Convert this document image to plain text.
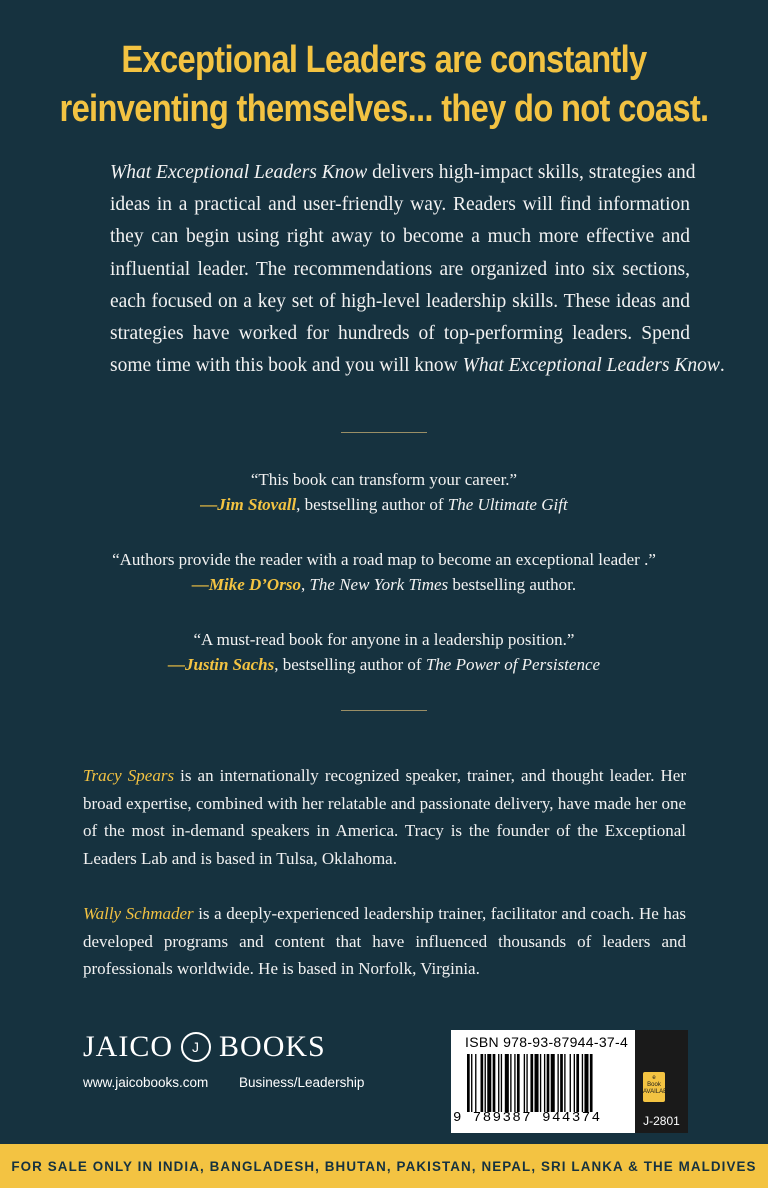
Exceptional Leaders are constantly
reinventing themselves... they do not coast.
What Exceptional Leaders Know delivers high-impact skills, strategies and
ideas in a practical and user-friendly way. Readers will find information
they can begin using right away to become a much more effective and
influential leader. The recommendations are organized into six sections,
each focused on a key set of high-level leadership skills. These ideas and
strategies have worked for hundreds of top-performing leaders. Spend
some time with this book and you will know What Exceptional Leaders Know.
“This book can transform your career.”
—Jim Stovall, bestselling author of The Ultimate Gift
“Authors provide the reader with a road map to become an exceptional leader .”
—Mike D’Orso, The New York Times bestselling author.
“A must-read book for anyone in a leadership position.”
—Justin Sachs, bestselling author of The Power of Persistence
Tracy Spears is an internationally recognized speaker, trainer, and thought leader. Her
broad expertise, combined with her relatable and passionate delivery, have made her one
of the most in-demand speakers in America. Tracy is the founder of the Exceptional
Leaders Lab and is based in Tulsa, Oklahoma.
Wally Schmader is a deeply-experienced leadership trainer, facilitator and coach. He has
developed programs and content that have influenced thousands of leaders and
professionals worldwide. He is based in Norfolk, Virginia.
JAICO J BOOKS
www.jaicobooks.com Business/Leadership
ISBN 978-93-87944-37-4
9 789387 944374
e
Book
AVAILABLE
J-2801
FOR SALE ONLY IN INDIA, BANGLADESH, BHUTAN, PAKISTAN, NEPAL, SRI LANKA & THE MALDIVES
